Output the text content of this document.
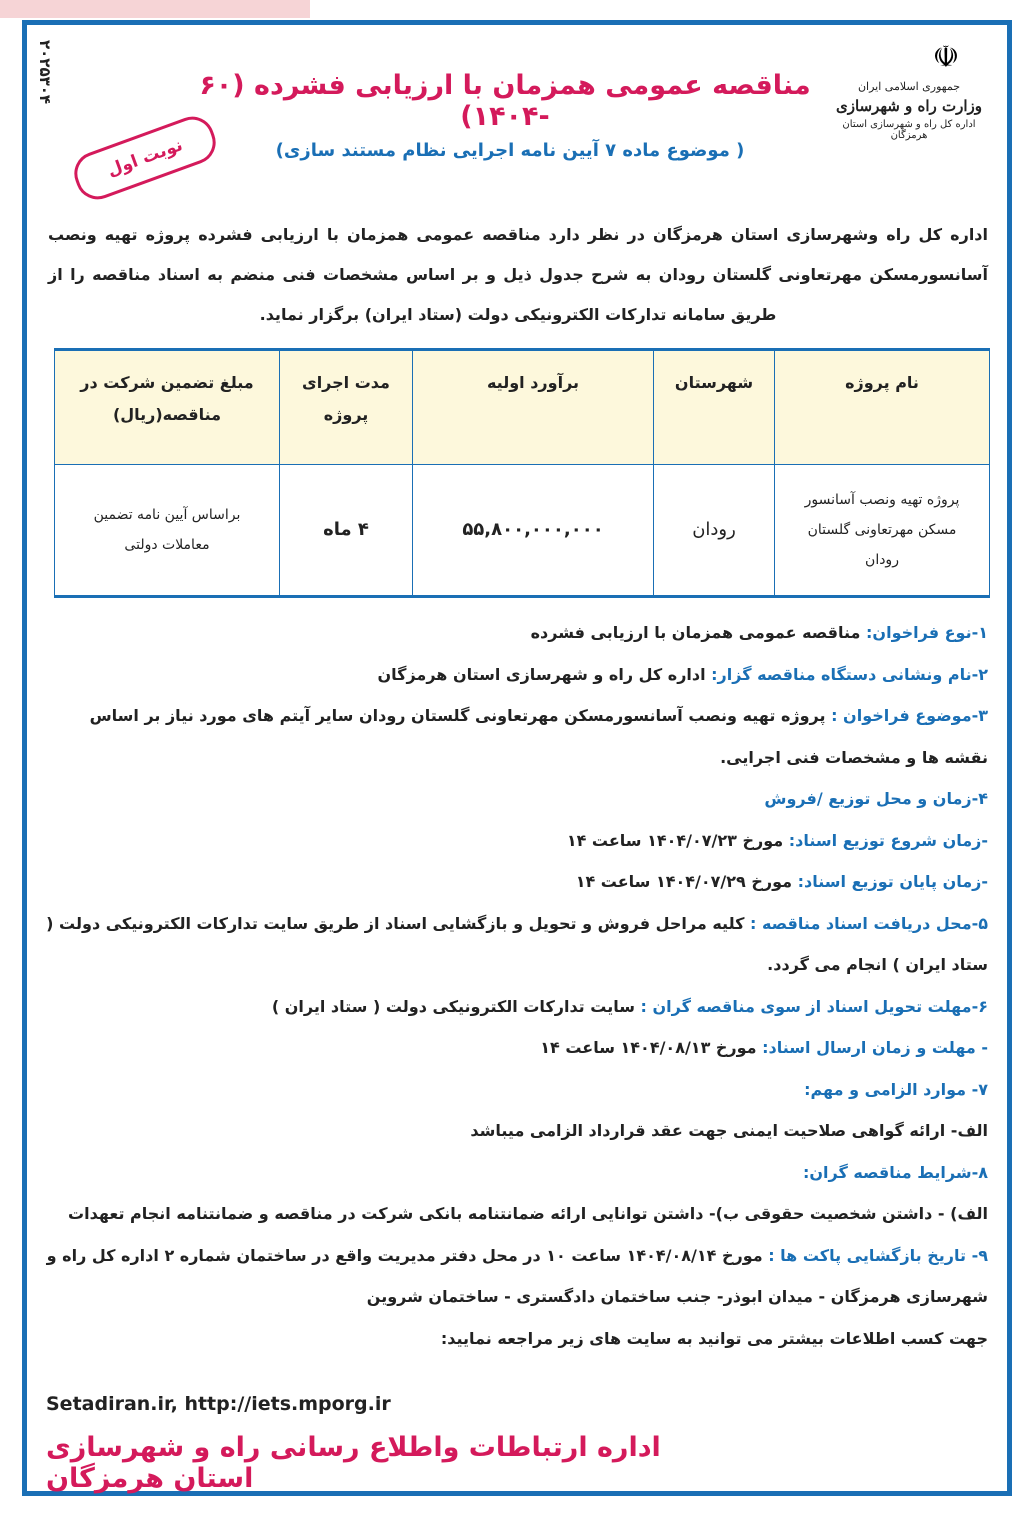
۲۰۲۵۳۰۴	☫
جمهوری اسلامی ایران
وزارت راه و شهرسازی
اداره کل راه و شهرسازی استان هرمزگان
مناقصه عمومی همزمان با ارزیابی فشرده (۶۰ -۱۴۰۴)
( موضوع ماده ۷ آیین نامه اجرایی نظام مستند سازی)
نوبت اول
اداره کل راه وشهرسازی استان هرمزگان در نظر دارد مناقصه عمومی همزمان با ارزیابی فشرده پروژه تهیه ونصب آسانسورمسکن مهرتعاونی گلستان رودان به شرح جدول ذیل و بر اساس مشخصات فنی منضم به اسناد مناقصه را از طریق سامانه تدارکات الکترونیکی دولت (ستاد ایران) برگزار نماید.
نام پروژه	شهرستان	برآورد اولیه	مدت اجرای پروژه	مبلغ تضمین شرکت در مناقصه(ریال)
پروژه تهیه ونصب آسانسور مسکن مهرتعاونی گلستان رودان	رودان	۵۵,۸۰۰,۰۰۰,۰۰۰	۴ ماه	براساس آیین نامه تضمین معاملات دولتی
۱-نوع فراخوان: مناقصه عمومی همزمان با ارزیابی فشرده
۲-نام ونشانی دستگاه مناقصه گزار: اداره کل راه و شهرسازی استان هرمزگان
۳-موضوع فراخوان : پروژه تهیه ونصب آسانسورمسکن مهرتعاونی گلستان رودان سایر آیتم های مورد نیاز بر اساس نقشه ها و مشخصات فنی اجرایی.
۴-زمان و محل توزیع /فروش
-زمان شروع توزیع اسناد: مورخ ۱۴۰۴/۰۷/۲۳ ساعت ۱۴
-زمان پایان توزیع اسناد: مورخ ۱۴۰۴/۰۷/۲۹ ساعت ۱۴
۵-محل دریافت اسناد مناقصه : کلیه مراحل فروش و تحویل و بازگشایی اسناد از طریق سایت تدارکات الکترونیکی دولت ( ستاد ایران ) انجام می گردد.
۶-مهلت تحویل اسناد از سوی مناقصه گران : سایت تدارکات الکترونیکی دولت ( ستاد ایران )
- مهلت و زمان ارسال اسناد: مورخ ۱۴۰۴/۰۸/۱۳ ساعت ۱۴
۷- موارد الزامی و مهم:
الف- ارائه گواهی صلاحیت ایمنی جهت عقد قرارداد الزامی میباشد
۸-شرایط مناقصه گران:
الف) - داشتن شخصیت حقوقی ب)- داشتن توانایی ارائه ضمانتنامه بانکی شرکت در مناقصه و ضمانتنامه انجام تعهدات
۹- تاریخ بازگشایی پاکت ها : مورخ ۱۴۰۴/۰۸/۱۴ ساعت ۱۰ در محل دفتر مدیریت واقع در ساختمان شماره ۲ اداره کل راه و شهرسازی هرمزگان - میدان ابوذر- جنب ساختمان دادگستری - ساختمان شروین
جهت کسب اطلاعات بیشتر می توانید به سایت های زیر مراجعه نمایید:
Setadiran.ir, http://iets.mporg.ir
اداره ارتباطات واطلاع رسانی راه و شهرسازی استان هرمزگان
